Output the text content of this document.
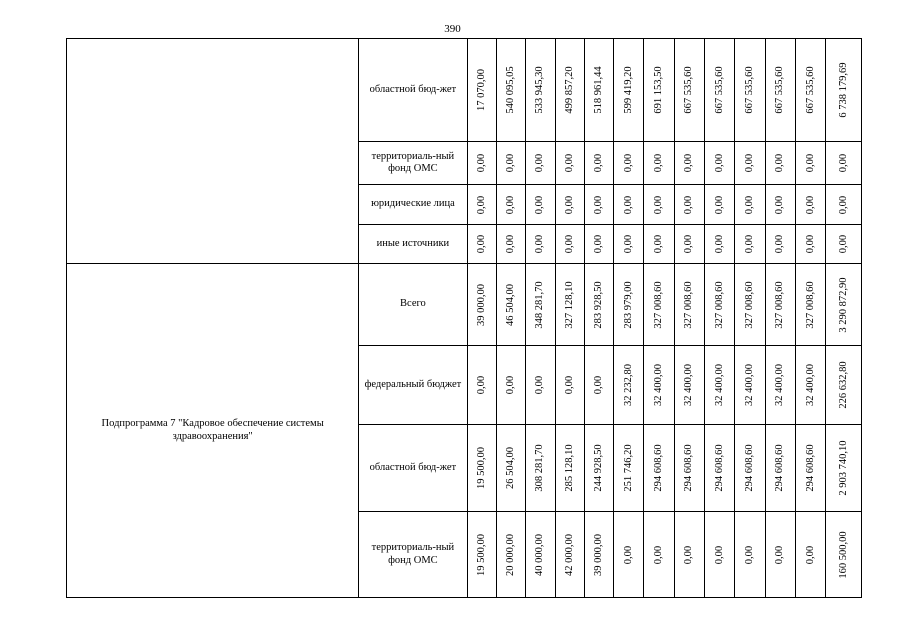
390
	областной бюд-жет	17 070,00	540 095,05	533 945,30	499 857,20	518 961,44	599 419,20	691 153,50	667 535,60	667 535,60	667 535,60	667 535,60	667 535,60	6 738 179,69

	территориаль-ный фонд ОМС	0,00	0,00	0,00	0,00	0,00	0,00	0,00	0,00	0,00	0,00	0,00	0,00	0,00

	юридические лица	0,00	0,00	0,00	0,00	0,00	0,00	0,00	0,00	0,00	0,00	0,00	0,00	0,00

	иные источники	0,00	0,00	0,00	0,00	0,00	0,00	0,00	0,00	0,00	0,00	0,00	0,00	0,00

Подпрограмма 7 "Кадровое обеспечение системы здравоохранения"	Всего	39 000,00	46 504,00	348 281,70	327 128,10	283 928,50	283 979,00	327 008,60	327 008,60	327 008,60	327 008,60	327 008,60	327 008,60	3 290 872,90

	федеральный бюджет	0,00	0,00	0,00	0,00	0,00	32 232,80	32 400,00	32 400,00	32 400,00	32 400,00	32 400,00	32 400,00	226 632,80

	областной бюд-жет	19 500,00	26 504,00	308 281,70	285 128,10	244 928,50	251 746,20	294 608,60	294 608,60	294 608,60	294 608,60	294 608,60	294 608,60	2 903 740,10

	территориаль-ный фонд ОМС	19 500,00	20 000,00	40 000,00	42 000,00	39 000,00	0,00	0,00	0,00	0,00	0,00	0,00	0,00	160 500,00
